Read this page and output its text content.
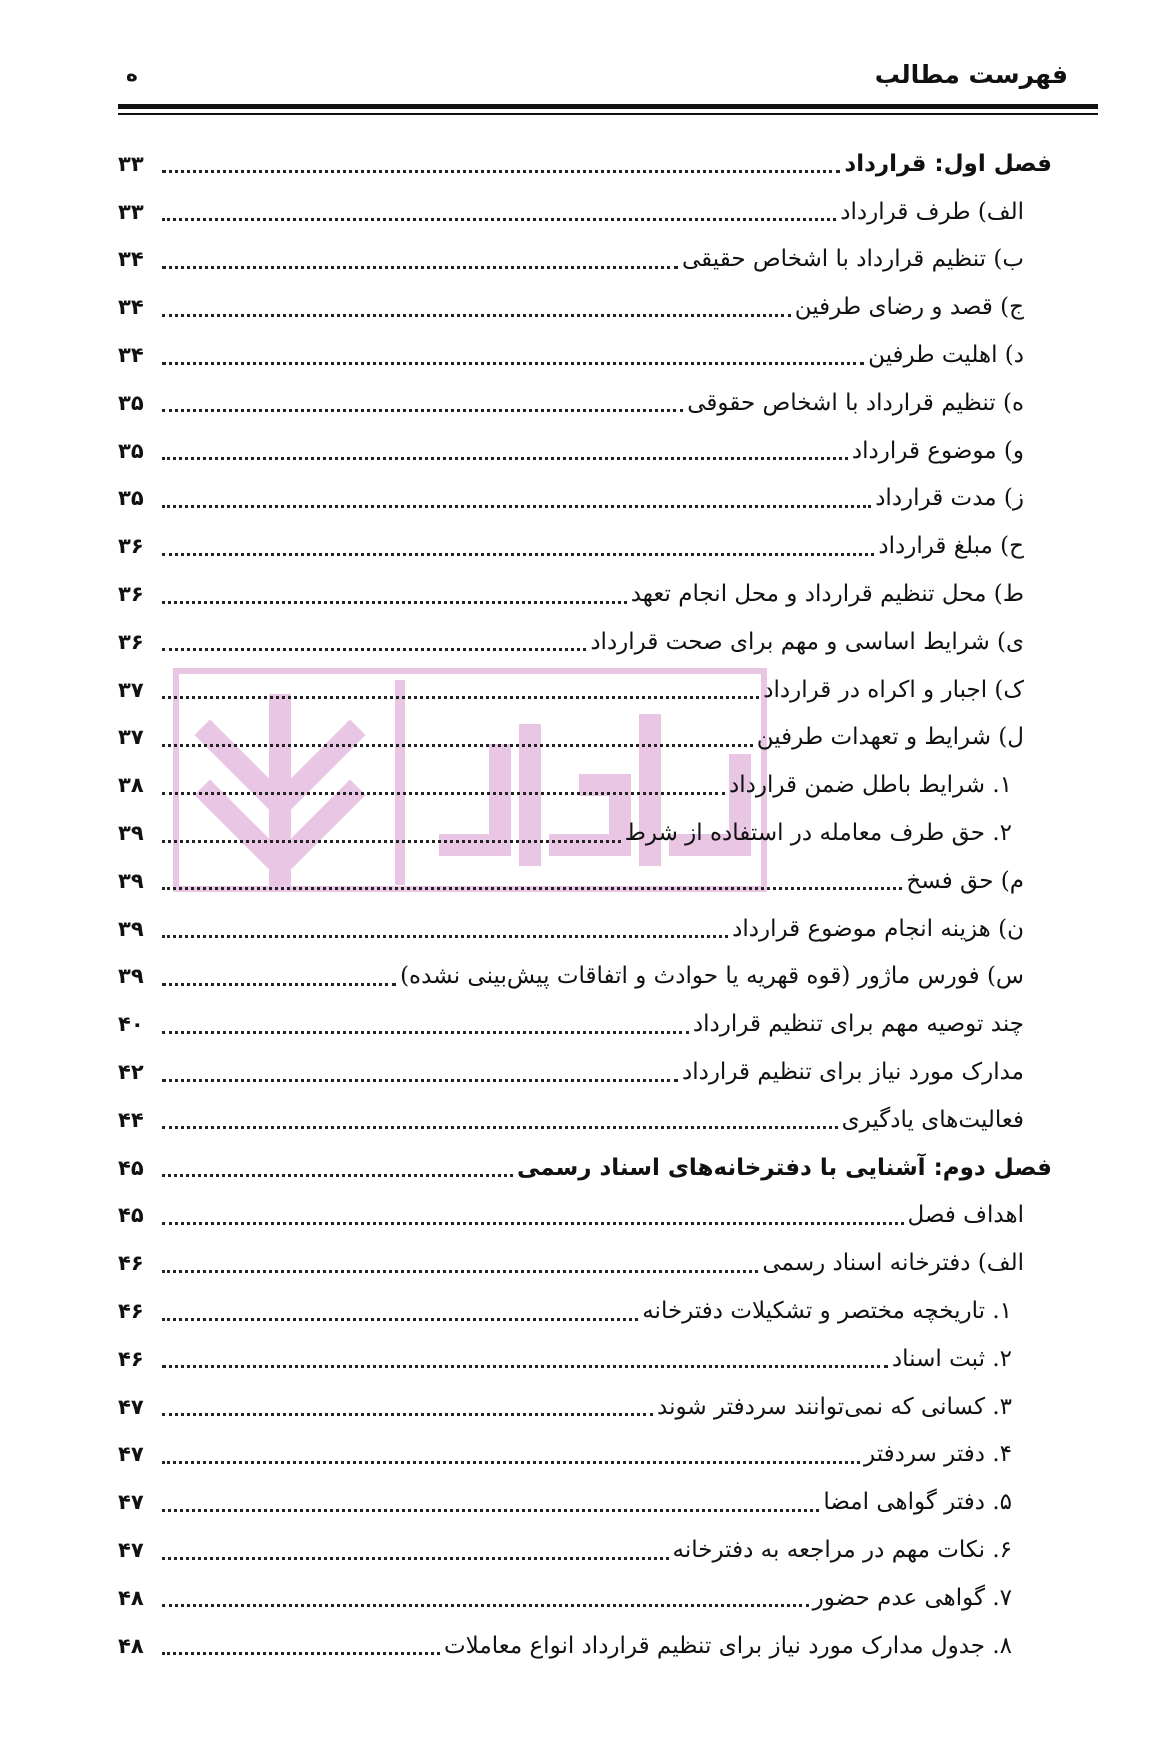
فهرست مطالب
ه
فصل اول: قرارداد
۳۳
الف) طرف قرارداد
۳۳
ب) تنظیم قرارداد با اشخاص حقیقی
۳۴
ج) قصد و رضای طرفین
۳۴
د) اهلیت طرفین
۳۴
ه) تنظیم قرارداد با اشخاص حقوقی
۳۵
و) موضوع قرارداد
۳۵
ز) مدت قرارداد
۳۵
ح) مبلغ قرارداد
۳۶
ط) محل تنظیم قرارداد و محل انجام تعهد
۳۶
ی) شرایط اساسی و مهم برای صحت قرارداد
۳۶
ک) اجبار و اکراه در قرارداد
۳۷
ل) شرایط و تعهدات طرفین
۳۷
۱. شرایط باطل ضمن قرارداد
۳۸
۲. حق طرف معامله در استفاده از شرط
۳۹
م) حق فسخ
۳۹
ن) هزینه انجام موضوع قرارداد
۳۹
س) فورس ماژور (قوه قهریه یا حوادث و اتفاقات پیش‌بینی نشده)
۳۹
چند توصیه مهم برای تنظیم قرارداد
۴۰
مدارک مورد نیاز برای تنظیم قرارداد
۴۲
فعالیت‌های یادگیری
۴۴
فصل دوم: آشنایی با دفترخانه‌های اسناد رسمی
۴۵
اهداف فصل
۴۵
الف) دفترخانه اسناد رسمی
۴۶
۱. تاریخچه مختصر و تشکیلات دفترخانه
۴۶
۲. ثبت اسناد
۴۶
۳. کسانی که نمی‌توانند سردفتر شوند
۴۷
۴. دفتر سردفتر
۴۷
۵. دفتر گواهی امضا
۴۷
۶. نکات مهم در مراجعه به دفترخانه
۴۷
۷. گواهی عدم حضور
۴۸
۸. جدول مدارک مورد نیاز برای تنظیم قرارداد انواع معاملات
۴۸
